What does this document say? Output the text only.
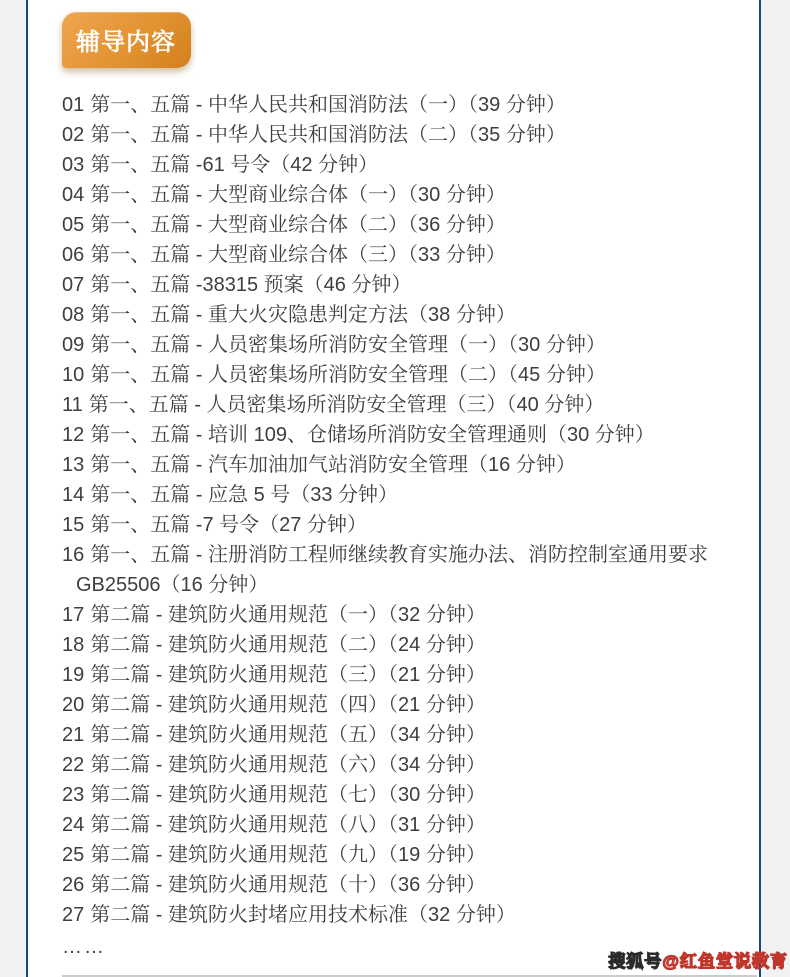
辅导内容
01 第一、五篇 - 中华人民共和国消防法（一）（39 分钟）
02 第一、五篇 - 中华人民共和国消防法（二）（35 分钟）
03 第一、五篇 -61 号令（42 分钟）
04 第一、五篇 - 大型商业综合体（一）（30 分钟）
05 第一、五篇 - 大型商业综合体（二）（36 分钟）
06 第一、五篇 - 大型商业综合体（三）（33 分钟）
07 第一、五篇 -38315 预案（46 分钟）
08 第一、五篇 - 重大火灾隐患判定方法（38 分钟）
09 第一、五篇 - 人员密集场所消防安全管理（一）（30 分钟）
10 第一、五篇 - 人员密集场所消防安全管理（二）（45 分钟）
11 第一、五篇 - 人员密集场所消防安全管理（三）（40 分钟）
12 第一、五篇 - 培训 109、仓储场所消防安全管理通则（30 分钟）
13 第一、五篇 - 汽车加油加气站消防安全管理（16 分钟）
14 第一、五篇 - 应急 5 号（33 分钟）
15 第一、五篇 -7 号令（27 分钟）
16 第一、五篇 - 注册消防工程师继续教育实施办法、消防控制室通用要求 GB25506（16 分钟）
17 第二篇 - 建筑防火通用规范（一）（32 分钟）
18 第二篇 - 建筑防火通用规范（二）（24 分钟）
19 第二篇 - 建筑防火通用规范（三）（21 分钟）
20 第二篇 - 建筑防火通用规范（四）（21 分钟）
21 第二篇 - 建筑防火通用规范（五）（34 分钟）
22 第二篇 - 建筑防火通用规范（六）（34 分钟）
23 第二篇 - 建筑防火通用规范（七）（30 分钟）
24 第二篇 - 建筑防火通用规范（八）（31 分钟）
25 第二篇 - 建筑防火通用规范（九）（19 分钟）
26 第二篇 - 建筑防火通用规范（十）（36 分钟）
27 第二篇 - 建筑防火封堵应用技术标准（32 分钟）
……
搜狐号@红鱼堂说教育
